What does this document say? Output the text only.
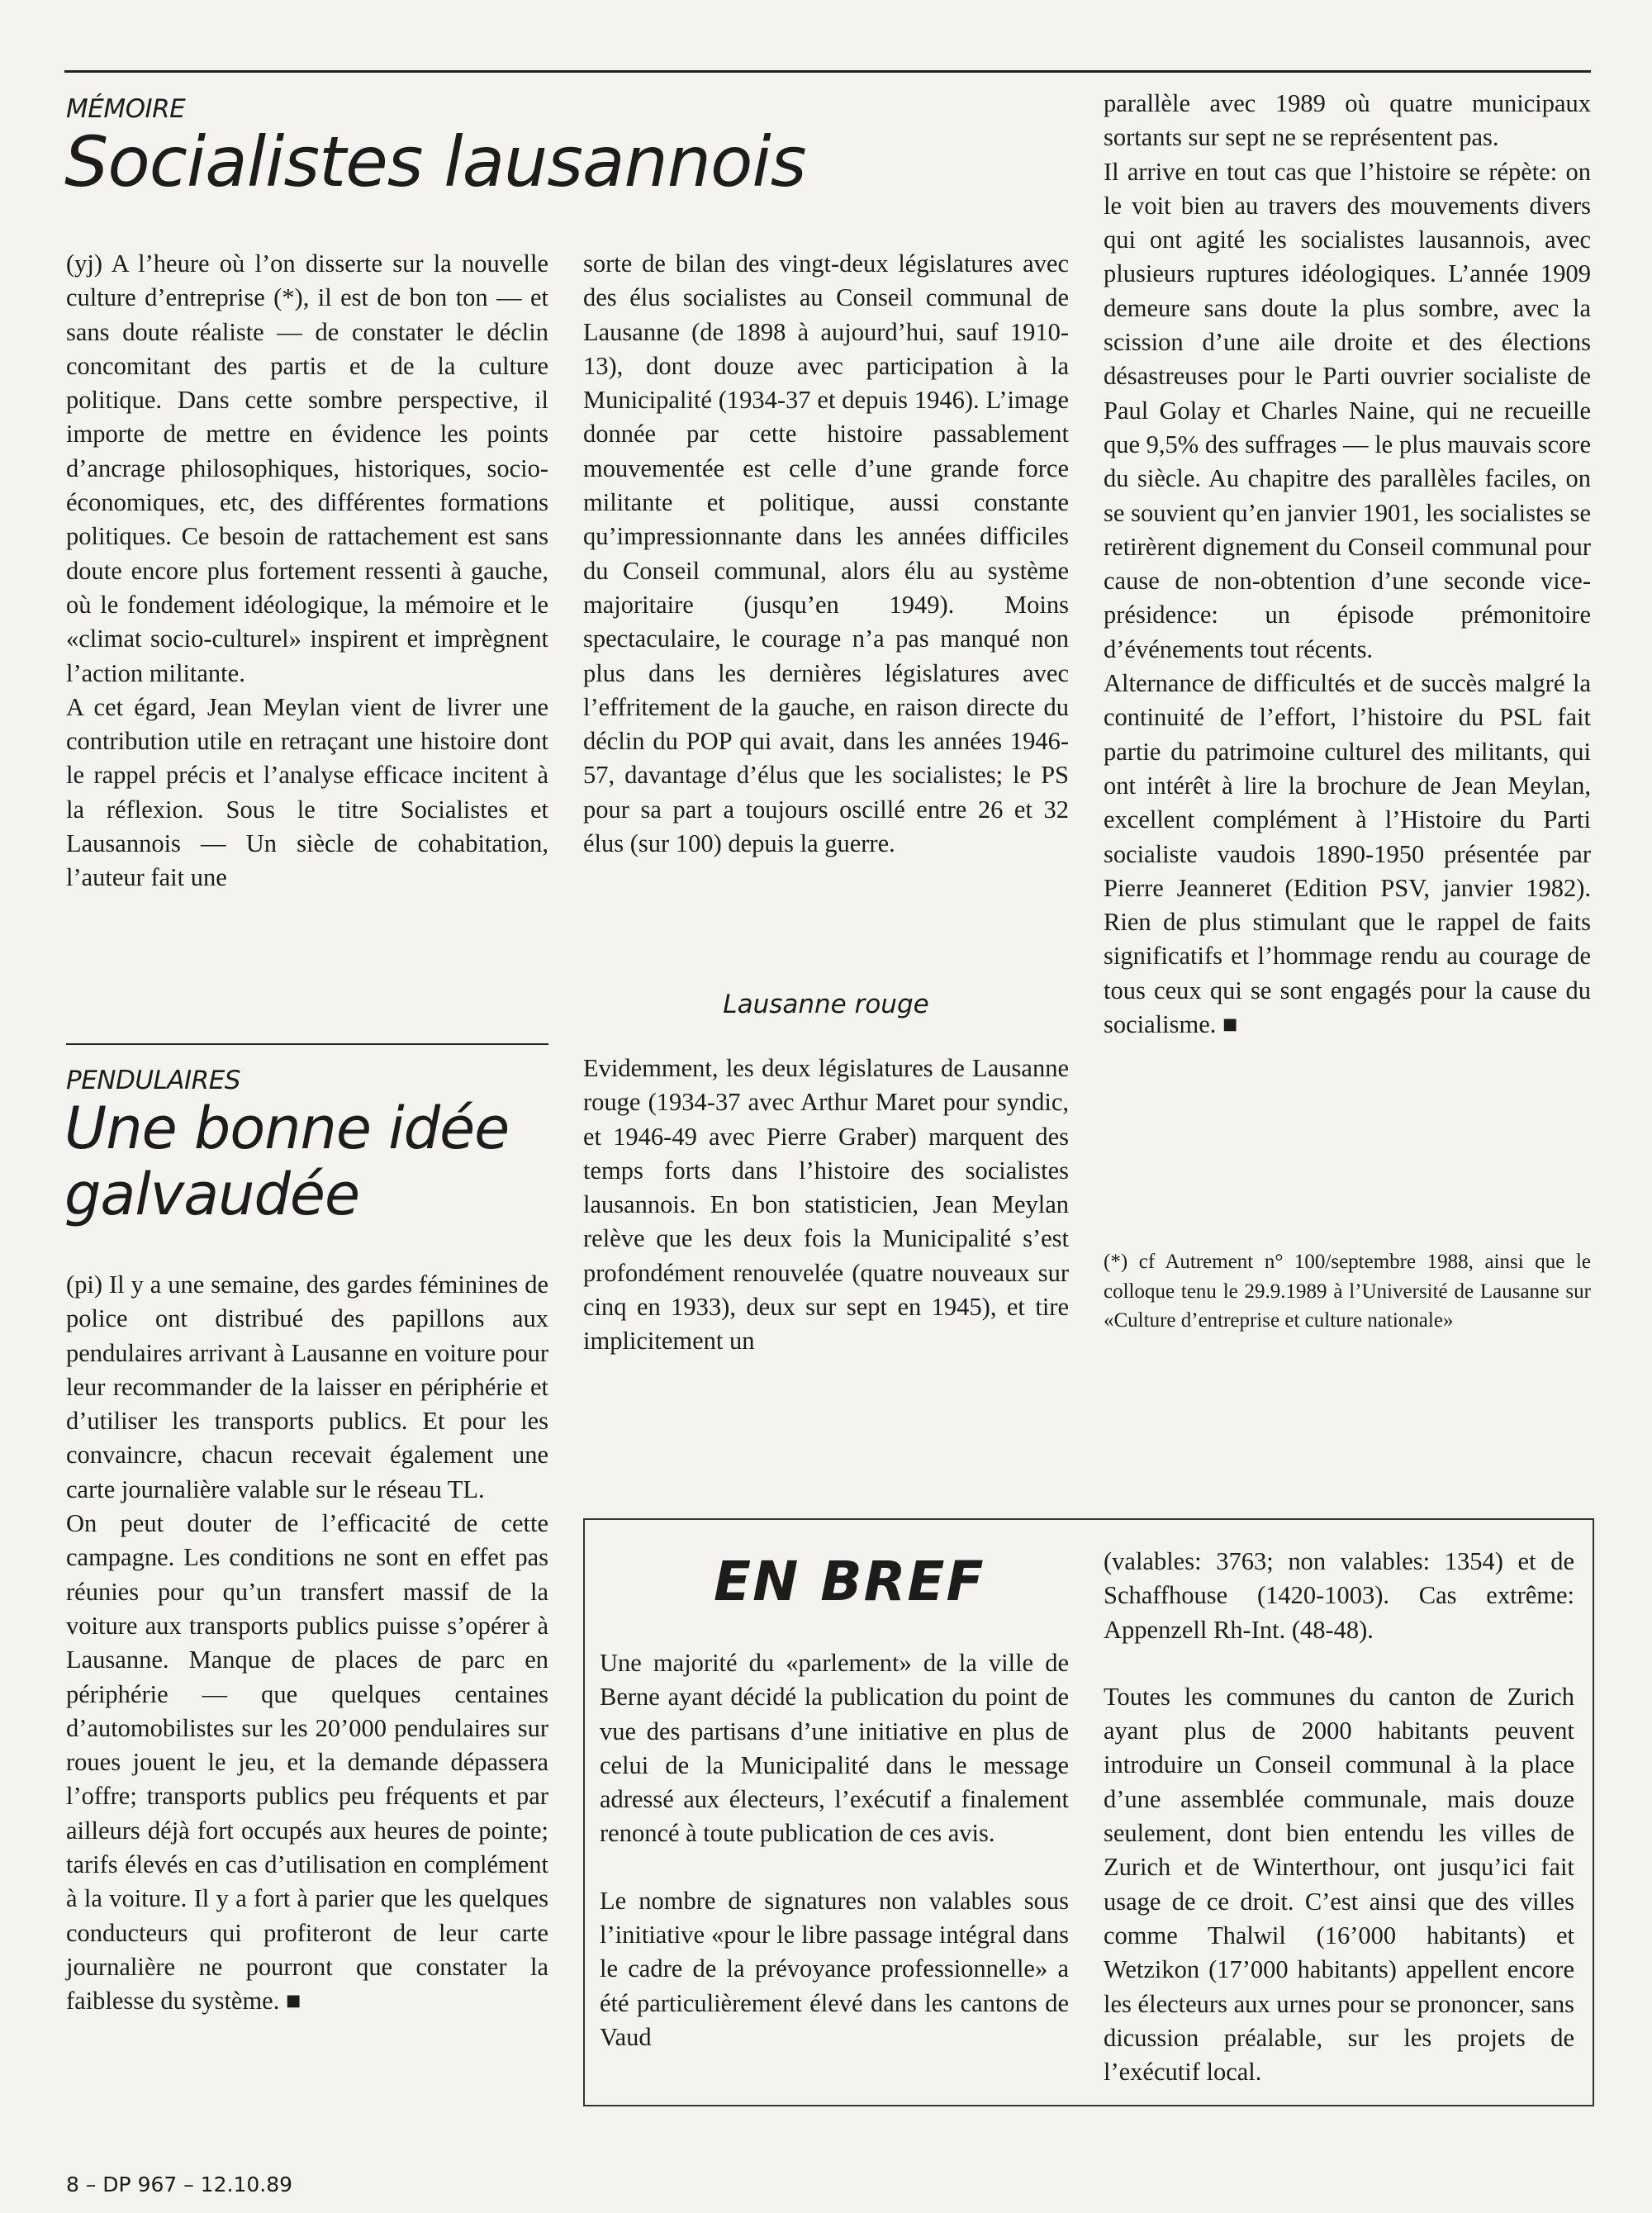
MÉMOIRE
Socialistes lausannois

(yj) A l’heure où l’on disserte sur la nouvelle culture d’entreprise (*), il est de bon ton — et sans doute réaliste — de constater le déclin concomitant des partis et de la culture politique. Dans cette sombre perspective, il importe de mettre en évidence les points d’ancrage philosophiques, historiques, socio-économiques, etc, des différentes formations politiques. Ce besoin de rattachement est sans doute encore plus fortement ressenti à gauche, où le fondement idéologique, la mémoire et le «climat socio-culturel» inspirent et imprègnent l’action militante.

A cet égard, Jean Meylan vient de livrer une contribution utile en retraçant une histoire dont le rappel précis et l’analyse efficace incitent à la réflexion. Sous le titre Socialistes et Lausannois — Un siècle de cohabitation, l’auteur fait une

sorte de bilan des vingt-deux législatures avec des élus socialistes au Conseil communal de Lausanne (de 1898 à aujourd’hui, sauf 1910-13), dont douze avec participation à la Municipalité (1934-37 et depuis 1946). L’image donnée par cette histoire passablement mouvementée est celle d’une grande force militante et politique, aussi constante qu’impressionnante dans les années difficiles du Conseil communal, alors élu au système majoritaire (jusqu’en 1949). Moins spectaculaire, le courage n’a pas manqué non plus dans les dernières législatures avec l’effritement de la gauche, en raison directe du déclin du POP qui avait, dans les années 1946-57, davantage d’élus que les socialistes; le PS pour sa part a toujours oscillé entre 26 et 32 élus (sur 100) depuis la guerre.

Lausanne rouge

Evidemment, les deux législatures de Lausanne rouge (1934-37 avec Arthur Maret pour syndic, et 1946-49 avec Pierre Graber) marquent des temps forts dans l’histoire des socialistes lausannois. En bon statisticien, Jean Meylan relève que les deux fois la Municipalité s’est profondément renouvelée (quatre nouveaux sur cinq en 1933), deux sur sept en 1945), et tire implicitement un

parallèle avec 1989 où quatre municipaux sortants sur sept ne se représentent pas.

Il arrive en tout cas que l’histoire se répète: on le voit bien au travers des mouvements divers qui ont agité les socialistes lausannois, avec plusieurs ruptures idéologiques. L’année 1909 demeure sans doute la plus sombre, avec la scission d’une aile droite et des élections désastreuses pour le Parti ouvrier socialiste de Paul Golay et Charles Naine, qui ne recueille que 9,5% des suffrages — le plus mauvais score du siècle. Au chapitre des parallèles faciles, on se souvient qu’en janvier 1901, les socialistes se retirèrent dignement du Conseil communal pour cause de non-obtention d’une seconde vice-présidence: un épisode prémonitoire d’événements tout récents.

Alternance de difficultés et de succès malgré la continuité de l’effort, l’histoire du PSL fait partie du patrimoine culturel des militants, qui ont intérêt à lire la brochure de Jean Meylan, excellent complément à l’Histoire du Parti socialiste vaudois 1890-1950 présentée par Pierre Jeanneret (Edition PSV, janvier 1982). Rien de plus stimulant que le rappel de faits significatifs et l’hommage rendu au courage de tous ceux qui se sont engagés pour la cause du socialisme. ■

(*) cf Autrement n° 100/septembre 1988, ainsi que le colloque tenu le 29.9.1989 à l’Université de Lausanne sur «Culture d’entreprise et culture nationale»

PENDULAIRES
Une bonne idée
galvaudée

(pi) Il y a une semaine, des gardes féminines de police ont distribué des papillons aux pendulaires arrivant à Lausanne en voiture pour leur recommander de la laisser en périphérie et d’utiliser les transports publics. Et pour les convaincre, chacun recevait également une carte journalière valable sur le réseau TL.

On peut douter de l’efficacité de cette campagne. Les conditions ne sont en effet pas réunies pour qu’un transfert massif de la voiture aux transports publics puisse s’opérer à Lausanne. Manque de places de parc en périphérie — que quelques centaines d’automobilistes sur les 20’000 pendulaires sur roues jouent le jeu, et la demande dépassera l’offre; transports publics peu fréquents et par ailleurs déjà fort occupés aux heures de pointe; tarifs élevés en cas d’utilisation en complément à la voiture. Il y a fort à parier que les quelques conducteurs qui profiteront de leur carte journalière ne pourront que constater la faiblesse du système. ■

EN BREF

Une majorité du «parlement» de la ville de Berne ayant décidé la publication du point de vue des partisans d’une initiative en plus de celui de la Municipalité dans le message adressé aux électeurs, l’exécutif a finalement renoncé à toute publication de ces avis.

Le nombre de signatures non valables sous l’initiative «pour le libre passage intégral dans le cadre de la prévoyance professionnelle» a été particulièrement élevé dans les cantons de Vaud

(valables: 3763; non valables: 1354) et de Schaffhouse (1420-1003). Cas extrême: Appenzell Rh-Int. (48-48).

Toutes les communes du canton de Zurich ayant plus de 2000 habitants peuvent introduire un Conseil communal à la place d’une assemblée communale, mais douze seulement, dont bien entendu les villes de Zurich et de Winterthour, ont jusqu’ici fait usage de ce droit. C’est ainsi que des villes comme Thalwil (16’000 habitants) et Wetzikon (17’000 habitants) appellent encore les électeurs aux urnes pour se prononcer, sans dicussion préalable, sur les projets de l’exécutif local.

8 – DP 967 – 12.10.89
